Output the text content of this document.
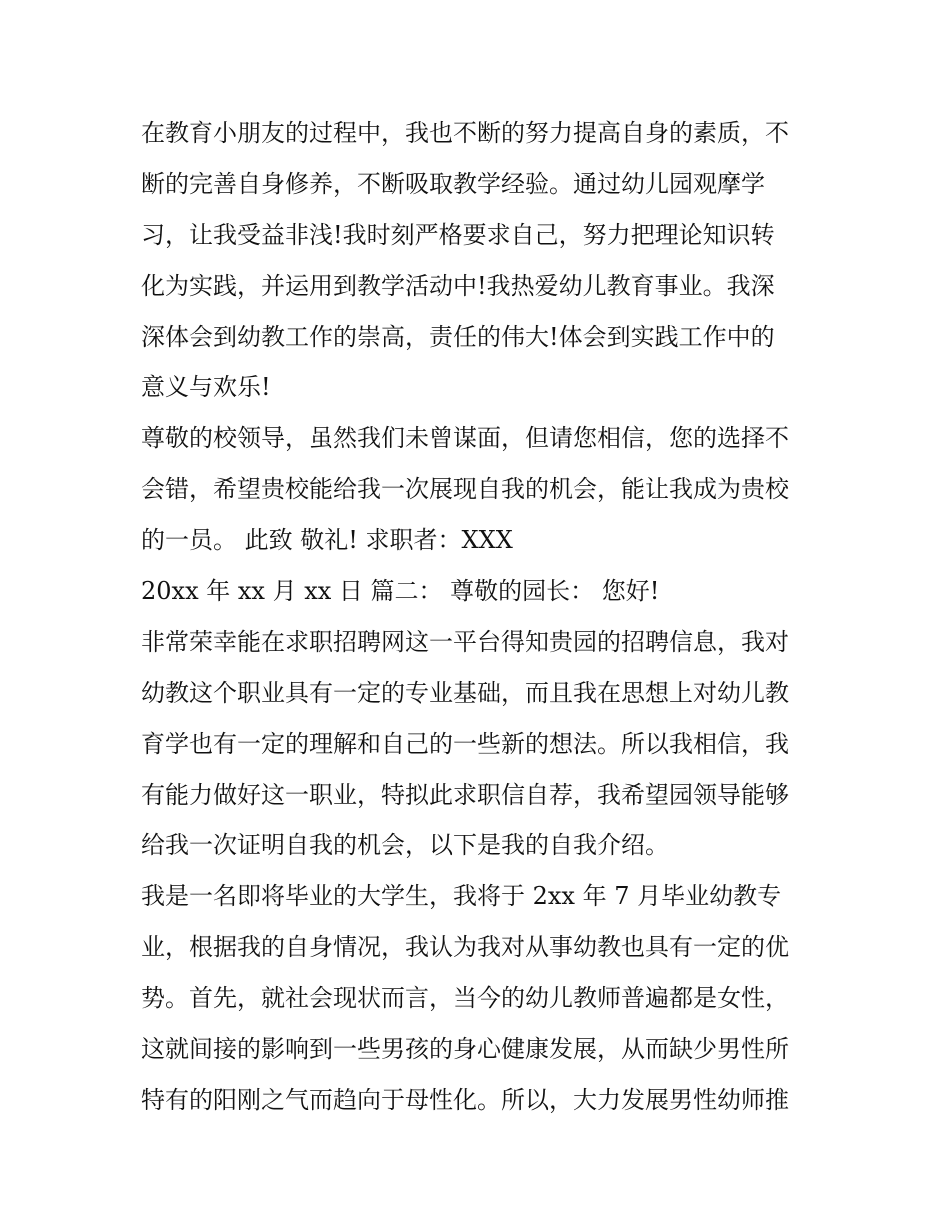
在教育小朋友的过程中，我也不断的努力提高自身的素质，不
断的完善自身修养，不断吸取教学经验。通过幼儿园观摩学
习，让我受益非浅!我时刻严格要求自己，努力把理论知识转
化为实践，并运用到教学活动中!我热爱幼儿教育事业。我深
深体会到幼教工作的崇高，责任的伟大!体会到实践工作中的
意义与欢乐!
尊敬的校领导，虽然我们未曾谋面，但请您相信，您的选择不
会错，希望贵校能给我一次展现自我的机会，能让我成为贵校
的一员。 此致 敬礼! 求职者：XXX
20xx 年 xx 月 xx 日 篇二： 尊敬的园长： 您好!
非常荣幸能在求职招聘网这一平台得知贵园的招聘信息，我对
幼教这个职业具有一定的专业基础，而且我在思想上对幼儿教
育学也有一定的理解和自己的一些新的想法。所以我相信，我
有能力做好这一职业，特拟此求职信自荐，我希望园领导能够
给我一次证明自我的机会，以下是我的自我介绍。
我是一名即将毕业的大学生，我将于 2xx 年 7 月毕业幼教专
业，根据我的自身情况，我认为我对从事幼教也具有一定的优
势。首先，就社会现状而言，当今的幼儿教师普遍都是女性，
这就间接的影响到一些男孩的身心健康发展，从而缺少男性所
特有的阳刚之气而趋向于母性化。所以，大力发展男性幼师推
